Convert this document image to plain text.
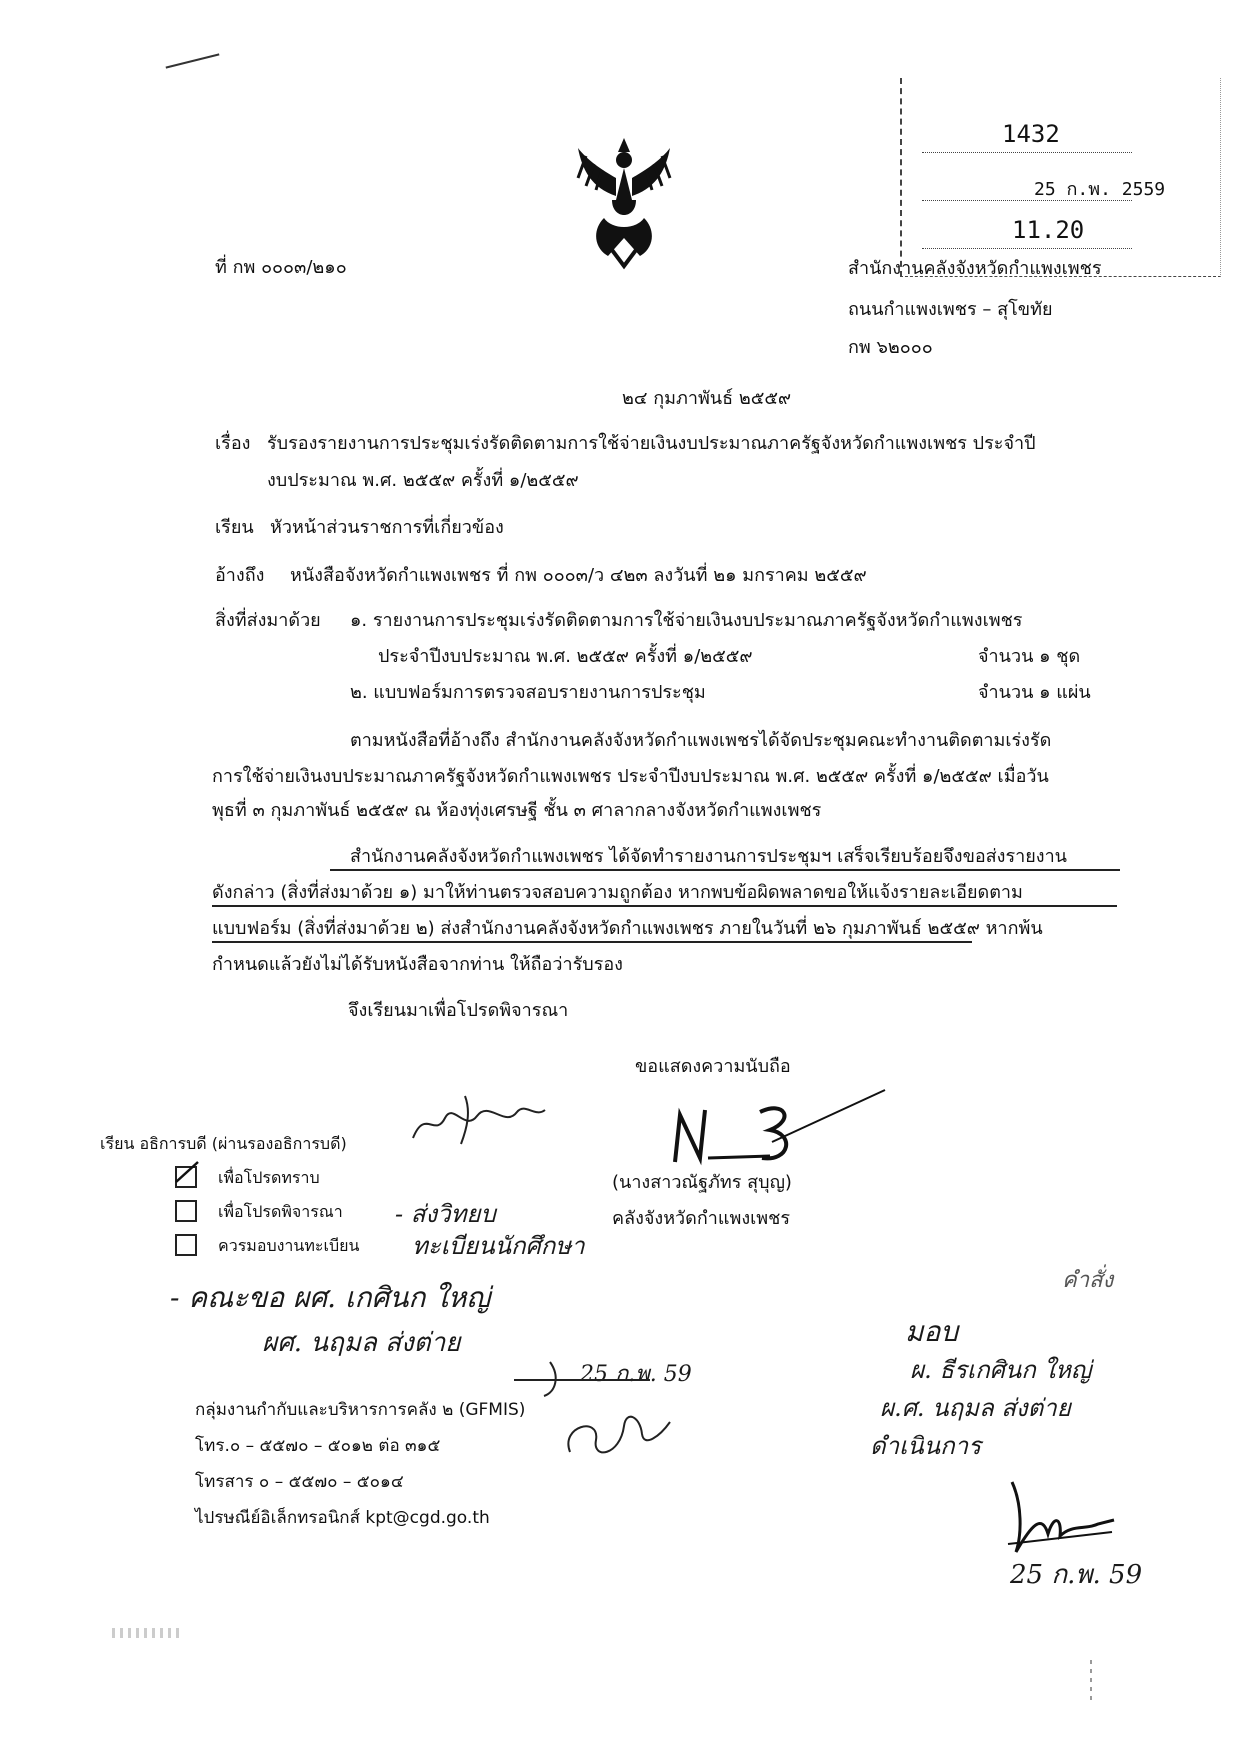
1432
25 ก.พ. 2559
11.20
ที่ กพ ๐๐๐๓/๒๑๐	สำนักงานคลังจังหวัดกำแพงเพชร
ถนนกำแพงเพชร – สุโขทัย
กพ ๖๒๐๐๐
๒๔ กุมภาพันธ์ ๒๕๕๙
เรื่อง รับรองรายงานการประชุมเร่งรัดติดตามการใช้จ่ายเงินงบประมาณภาครัฐจังหวัดกำแพงเพชร ประจำปี
งบประมาณ พ.ศ. ๒๕๕๙ ครั้งที่ ๑/๒๕๕๙
เรียน หัวหน้าส่วนราชการที่เกี่ยวข้อง
อ้างถึง หนังสือจังหวัดกำแพงเพชร ที่ กพ ๐๐๐๓/ว ๔๒๓ ลงวันที่ ๒๑ มกราคม ๒๕๕๙
สิ่งที่ส่งมาด้วย ๑. รายงานการประชุมเร่งรัดติดตามการใช้จ่ายเงินงบประมาณภาครัฐจังหวัดกำแพงเพชร
ประจำปีงบประมาณ พ.ศ. ๒๕๕๙ ครั้งที่ ๑/๒๕๕๙	จำนวน ๑ ชุด
๒. แบบฟอร์มการตรวจสอบรายงานการประชุม	จำนวน ๑ แผ่น
ตามหนังสือที่อ้างถึง สำนักงานคลังจังหวัดกำแพงเพชรได้จัดประชุมคณะทำงานติดตามเร่งรัด
การใช้จ่ายเงินงบประมาณภาครัฐจังหวัดกำแพงเพชร ประจำปีงบประมาณ พ.ศ. ๒๕๕๙ ครั้งที่ ๑/๒๕๕๙ เมื่อวัน
พุธที่ ๓ กุมภาพันธ์ ๒๕๕๙ ณ ห้องทุ่งเศรษฐี ชั้น ๓ ศาลากลางจังหวัดกำแพงเพชร
สำนักงานคลังจังหวัดกำแพงเพชร ได้จัดทำรายงานการประชุมฯ เสร็จเรียบร้อยจึงขอส่งรายงาน
ดังกล่าว (สิ่งที่ส่งมาด้วย ๑) มาให้ท่านตรวจสอบความถูกต้อง หากพบข้อผิดพลาดขอให้แจ้งรายละเอียดตาม
แบบฟอร์ม (สิ่งที่ส่งมาด้วย ๒) ส่งสำนักงานคลังจังหวัดกำแพงเพชร ภายในวันที่ ๒๖ กุมภาพันธ์ ๒๕๕๙ หากพ้น
กำหนดแล้วยังไม่ได้รับหนังสือจากท่าน ให้ถือว่ารับรอง
จึงเรียนมาเพื่อโปรดพิจารณา
ขอแสดงความนับถือ
(นางสาวณัฐภัทร สุบุญ)
คลังจังหวัดกำแพงเพชร
เรียน อธิการบดี (ผ่านรองอธิการบดี)
เพื่อโปรดทราบ
เพื่อโปรดพิจารณา
ควรมอบงานทะเบียน
- ส่งวิทยบ
ทะเบียนนักศึกษา
- คณะขอ ผศ. เกศินก ใหญ่
ผศ. นฤมล ส่งต่าย
25 ก.พ. 59
กลุ่มงานกำกับและบริหารการคลัง ๒ (GFMIS)
โทร.๐ – ๕๕๗๐ – ๕๐๑๒ ต่อ ๓๑๕
โทรสาร ๐ – ๕๕๗๐ – ๕๐๑๔
ไปรษณีย์อิเล็กทรอนิกส์ kpt@cgd.go.th
คำสั่ง
มอบ
ผ. ธีรเกศินก ใหญ่
ผ.ศ. นฤมล ส่งต่าย
ดำเนินการ
25 ก.พ. 59
